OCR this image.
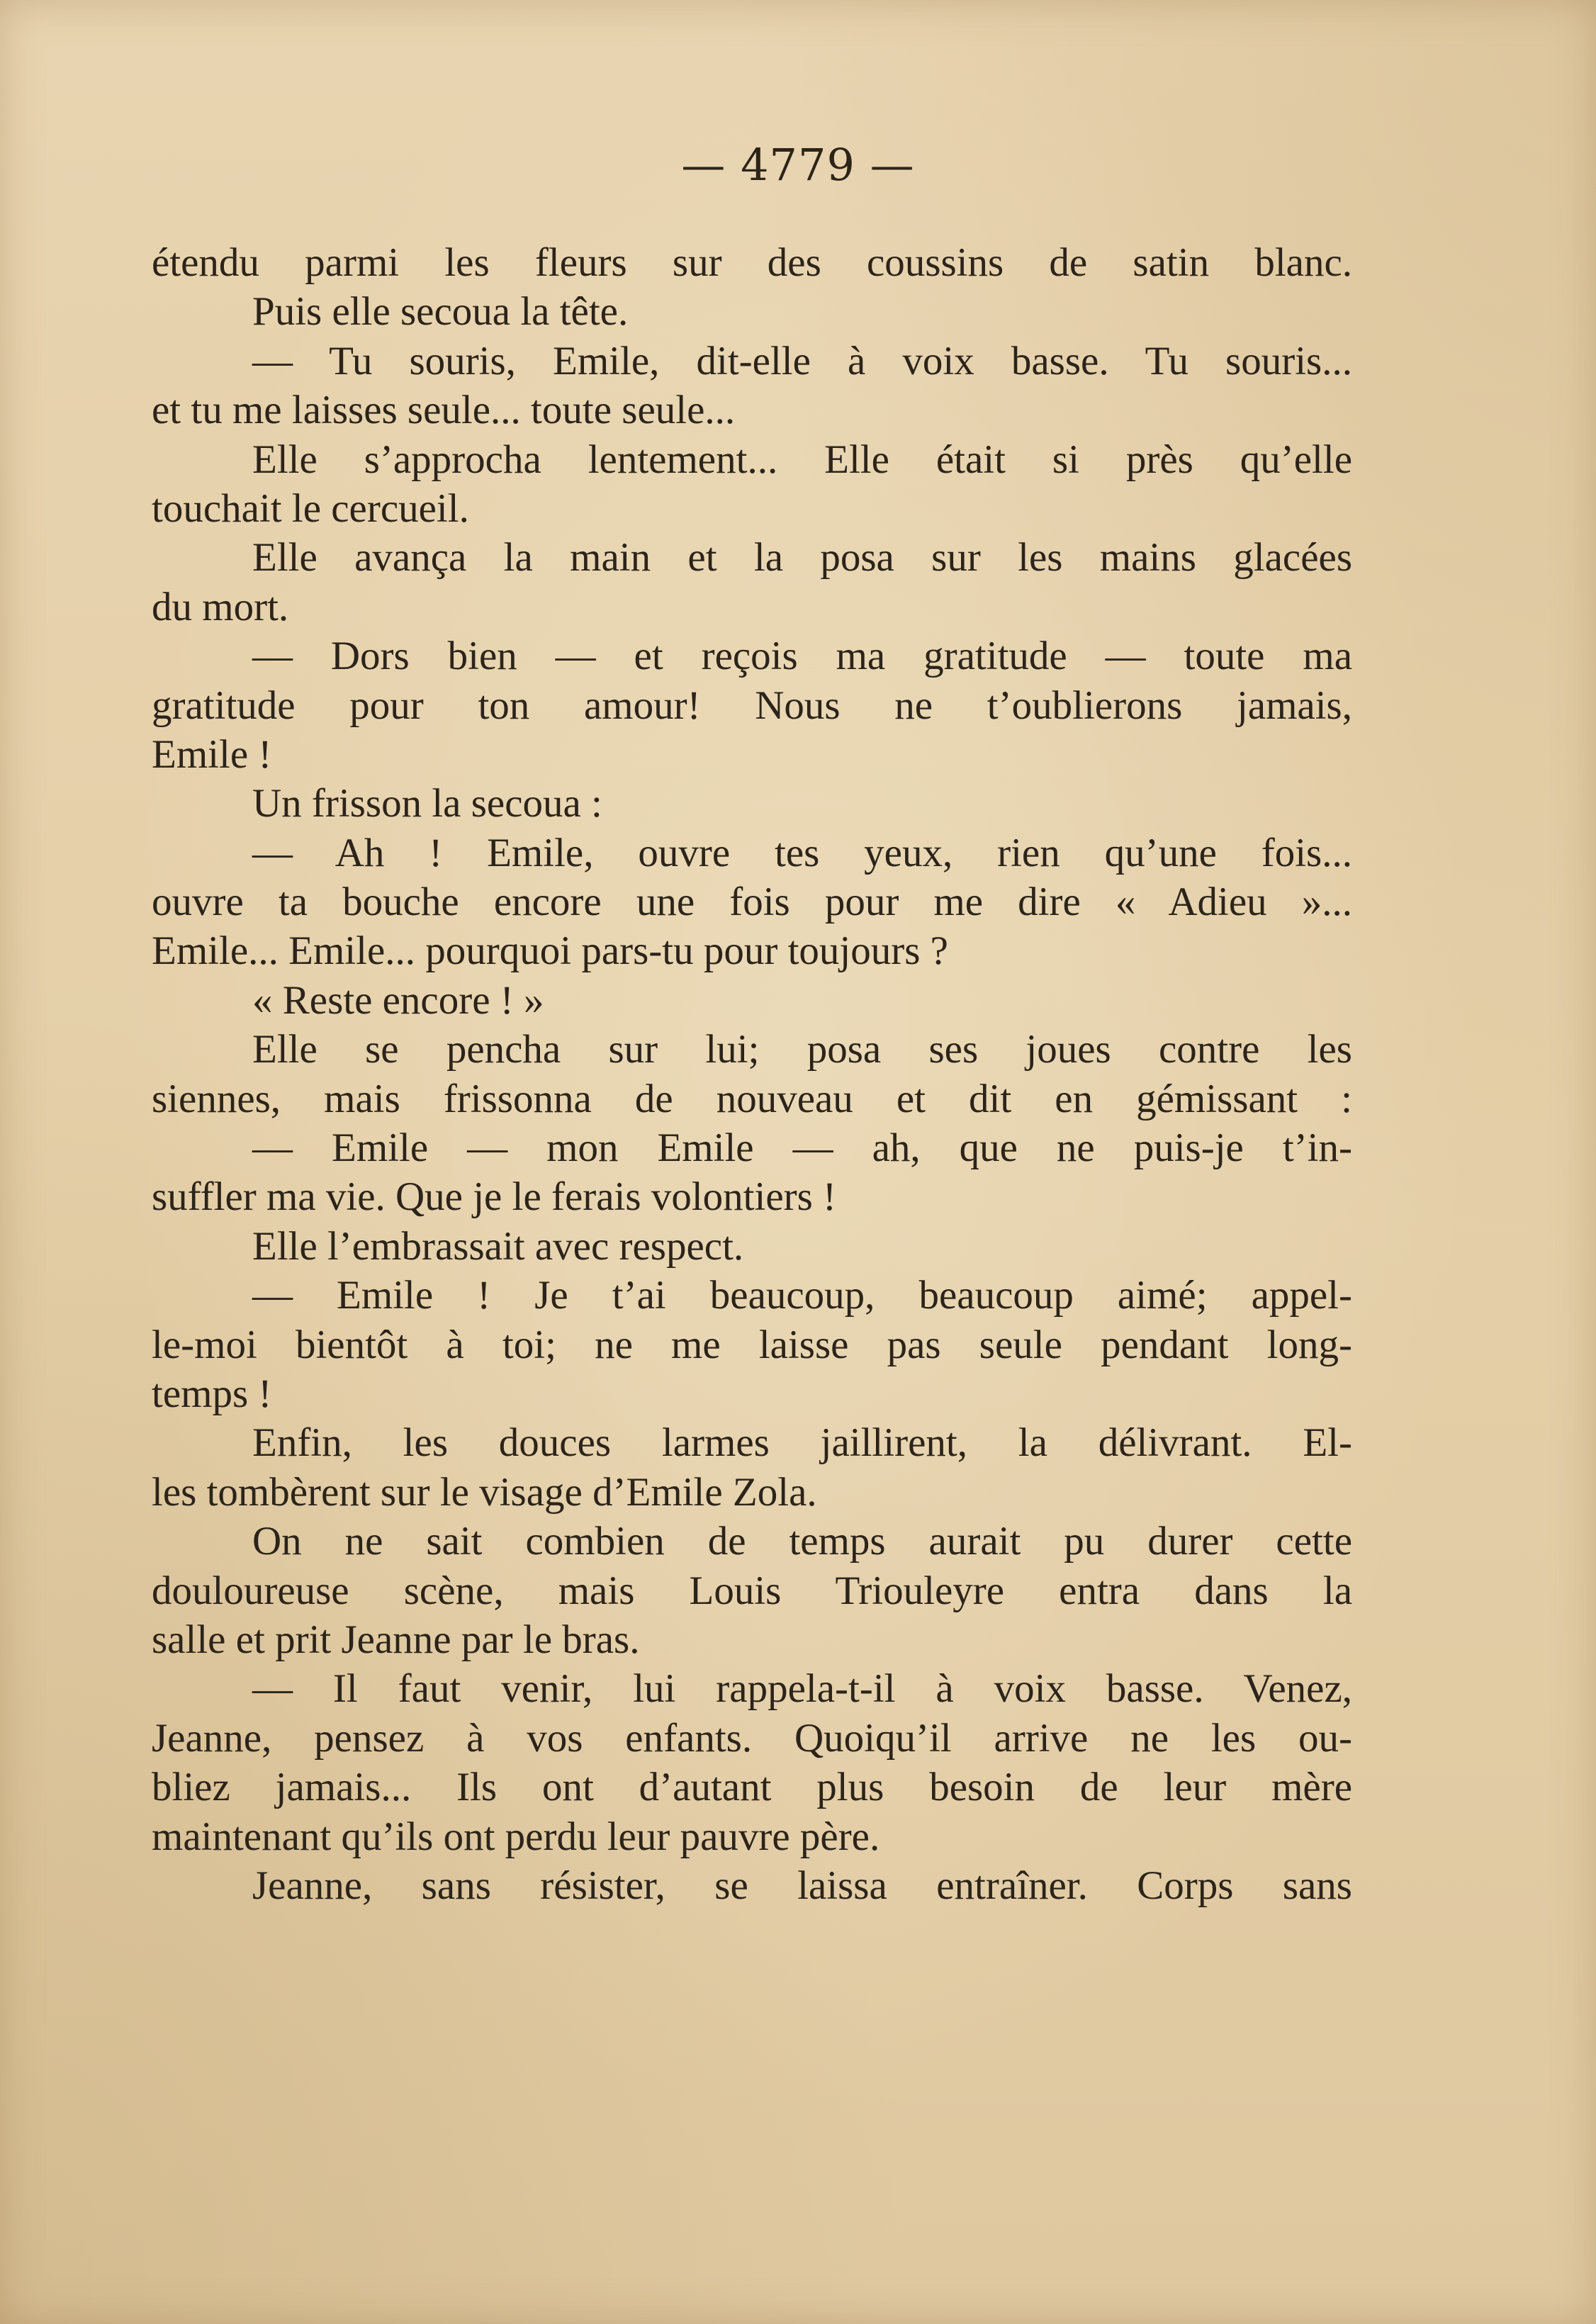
— 4779 —
étendu parmi les fleurs sur des coussins de satin blanc.
Puis elle secoua la tête.
— Tu souris, Emile, dit-elle à voix basse. Tu souris...
et tu me laisses seule... toute seule...
Elle s’approcha lentement... Elle était si près qu’elle
touchait le cercueil.
Elle avança la main et la posa sur les mains glacées
du mort.
— Dors bien — et reçois ma gratitude — toute ma
gratitude pour ton amour! Nous ne t’oublierons jamais,
Emile !
Un frisson la secoua :
— Ah ! Emile, ouvre tes yeux, rien qu’une fois...
ouvre ta bouche encore une fois pour me dire « Adieu »...
Emile... Emile... pourquoi pars-tu pour toujours ?
« Reste encore ! »
Elle se pencha sur lui; posa ses joues contre les
siennes, mais frissonna de nouveau et dit en gémissant :
— Emile — mon Emile — ah, que ne puis-je t’in-
suffler ma vie. Que je le ferais volontiers !
Elle l’embrassait avec respect.
— Emile ! Je t’ai beaucoup, beaucoup aimé; appel-
le-moi bientôt à toi; ne me laisse pas seule pendant long-
temps !
Enfin, les douces larmes jaillirent, la délivrant. El-
les tombèrent sur le visage d’Emile Zola.
On ne sait combien de temps aurait pu durer cette
douloureuse scène, mais Louis Triouleyre entra dans la
salle et prit Jeanne par le bras.
— Il faut venir, lui rappela-t-il à voix basse. Venez,
Jeanne, pensez à vos enfants. Quoiqu’il arrive ne les ou-
bliez jamais... Ils ont d’autant plus besoin de leur mère
maintenant qu’ils ont perdu leur pauvre père.
Jeanne, sans résister, se laissa entraîner. Corps sans
